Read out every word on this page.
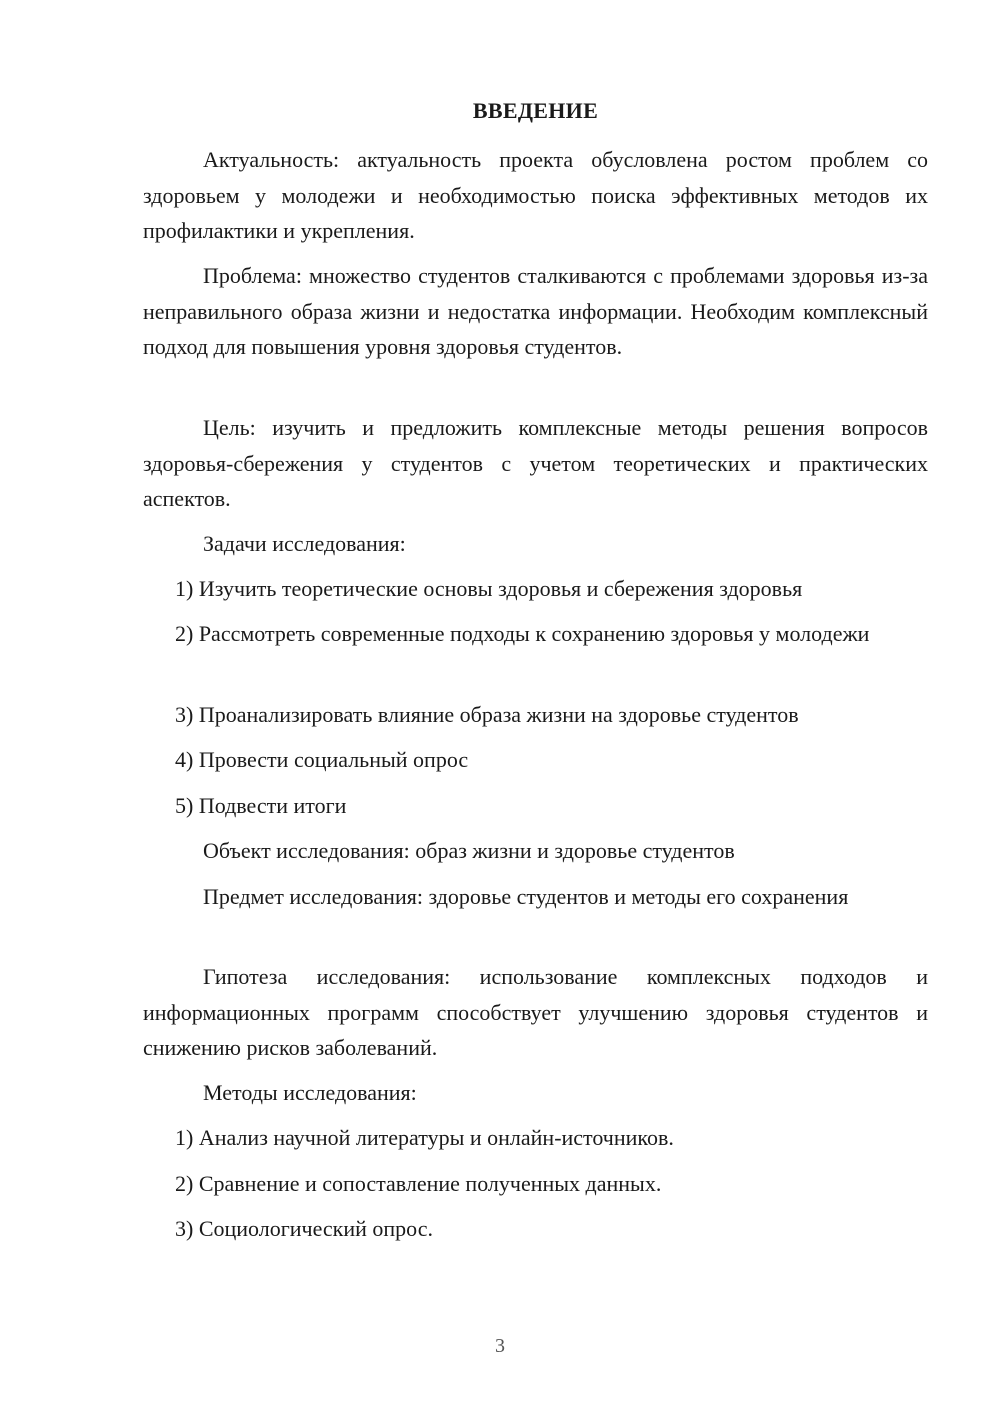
ВВЕДЕНИЕ

Актуальность: актуальность проекта обусловлена ростом проблем со здоровьем у молодежи и необходимостью поиска эффективных методов их профилактики и укрепления.

Проблема: множество студентов сталкиваются с проблемами здоровья из-за неправильного образа жизни и недостатка информации. Необходим комплексный подход для повышения уровня здоровья студентов.

Цель: изучить и предложить комплексные методы решения вопросов здоровья-сбережения у студентов с учетом теоретических и практических аспектов.

Задачи исследования:

1) Изучить теоретические основы здоровья и сбережения здоровья

2) Рассмотреть современные подходы к сохранению здоровья у молодежи

3) Проанализировать влияние образа жизни на здоровье студентов

4) Провести социальный опрос

5) Подвести итоги

Объект исследования: образ жизни и здоровье студентов

Предмет исследования: здоровье студентов и методы его сохранения

Гипотеза исследования: использование комплексных подходов и информационных программ способствует улучшению здоровья студентов и снижению рисков заболеваний.

Методы исследования:

1) Анализ научной литературы и онлайн-источников.

2) Сравнение и сопоставление полученных данных.

3) Социологический опрос.

3
